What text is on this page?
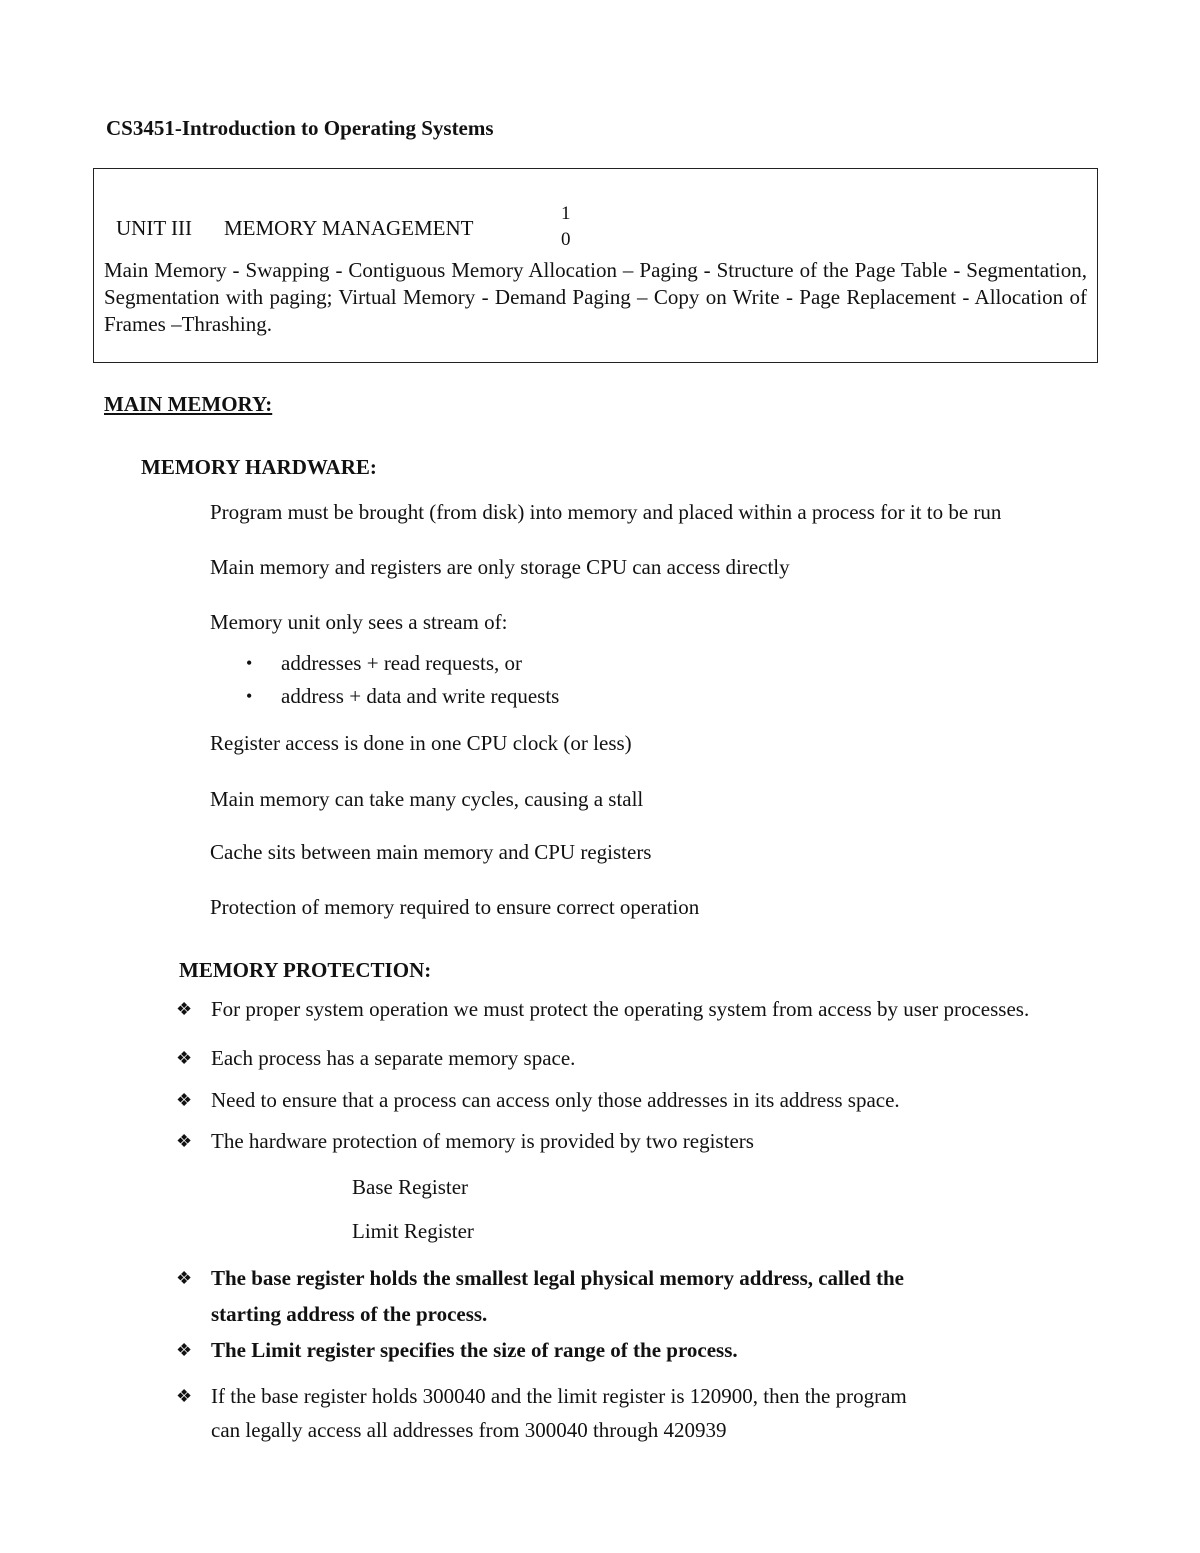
CS3451-Introduction to Operating Systems
UNIT III MEMORY MANAGEMENT
1
0
Main Memory - Swapping - Contiguous Memory Allocation – Paging - Structure of the Page Table - Segmentation, Segmentation with paging; Virtual Memory - Demand Paging – Copy on Write - Page Replacement - Allocation of Frames –Thrashing.
MAIN MEMORY:
MEMORY HARDWARE:
Program must be brought (from disk) into memory and placed within a process for it to be run
Main memory and registers are only storage CPU can access directly
Memory unit only sees a stream of:
• addresses + read requests, or
• address + data and write requests
Register access is done in one CPU clock (or less)
Main memory can take many cycles, causing a stall
Cache sits between main memory and CPU registers
Protection of memory required to ensure correct operation
MEMORY PROTECTION:
❖ For proper system operation we must protect the operating system from access by user processes.
❖ Each process has a separate memory space.
❖ Need to ensure that a process can access only those addresses in its address space.
❖ The hardware protection of memory is provided by two registers
Base Register
Limit Register
❖ The base register holds the smallest legal physical memory address, called the
starting address of the process.
❖ The Limit register specifies the size of range of the process.
❖ If the base register holds 300040 and the limit register is 120900, then the program
can legally access all addresses from 300040 through 420939
